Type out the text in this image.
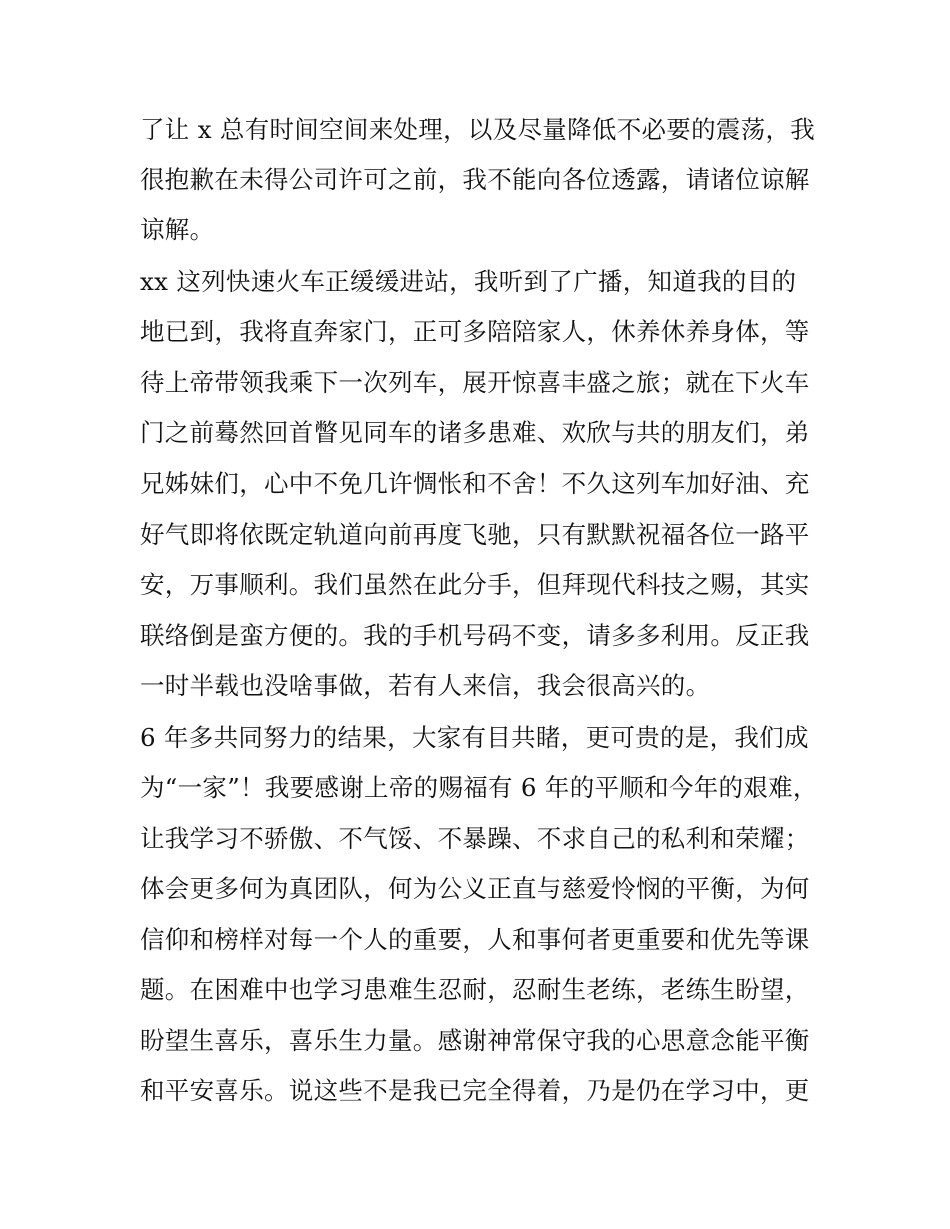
了让 x 总有时间空间来处理，以及尽量降低不必要的震荡，我
很抱歉在未得公司许可之前，我不能向各位透露，请诸位谅解
谅解。
xx 这列快速火车正缓缓进站，我听到了广播，知道我的目的
地已到，我将直奔家门，正可多陪陪家人，休养休养身体，等
待上帝带领我乘下一次列车，展开惊喜丰盛之旅；就在下火车
门之前蓦然回首瞥见同车的诸多患难、欢欣与共的朋友们，弟
兄姊妹们，心中不免几许惆怅和不舍！不久这列车加好油、充
好气即将依既定轨道向前再度飞驰，只有默默祝福各位一路平
安，万事顺利。我们虽然在此分手，但拜现代科技之赐，其实
联络倒是蛮方便的。我的手机号码不变，请多多利用。反正我
一时半载也没啥事做，若有人来信，我会很高兴的。
6 年多共同努力的结果，大家有目共睹，更可贵的是，我们成
为“一家”！我要感谢上帝的赐福有 6 年的平顺和今年的艰难，
让我学习不骄傲、不气馁、不暴躁、不求自己的私利和荣耀；
体会更多何为真团队，何为公义正直与慈爱怜悯的平衡，为何
信仰和榜样对每一个人的重要，人和事何者更重要和优先等课
题。在困难中也学习患难生忍耐，忍耐生老练，老练生盼望，
盼望生喜乐，喜乐生力量。感谢神常保守我的心思意念能平衡
和平安喜乐。说这些不是我已完全得着，乃是仍在学习中，更
